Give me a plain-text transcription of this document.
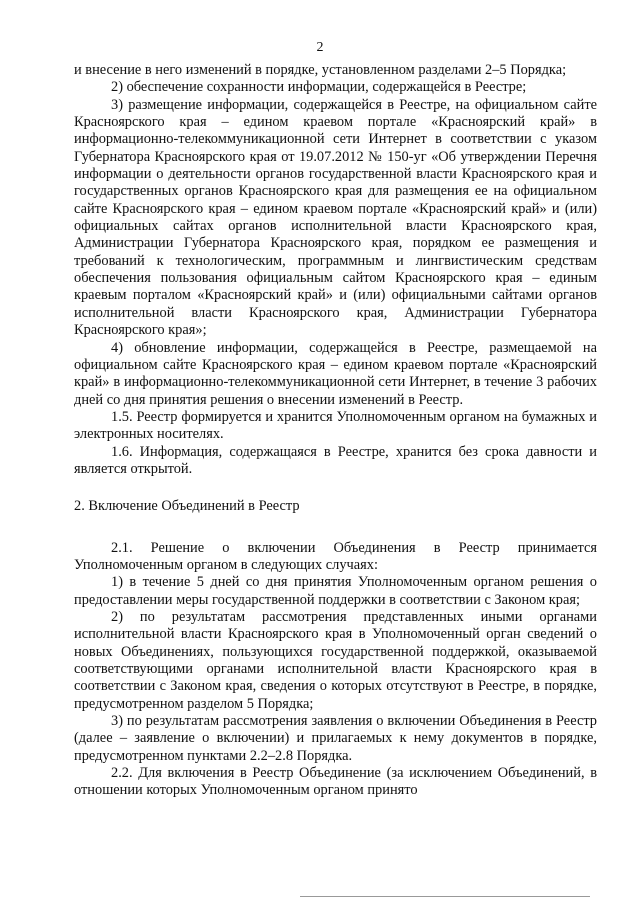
2

и внесение в него изменений в порядке, установленном разделами 2–5 Порядка;

2) обеспечение сохранности информации, содержащейся в Реестре;

3) размещение информации, содержащейся в Реестре, на официальном сайте Красноярского края – едином краевом портале «Красноярский край» в информационно-телекоммуникационной сети Интернет в соответствии с указом Губернатора Красноярского края от 19.07.2012 № 150-уг «Об утверждении Перечня информации о деятельности органов государственной власти Красноярского края и государственных органов Красноярского края для размещения ее на официальном сайте Красноярского края – едином краевом портале «Красноярский край» и (или) официальных сайтах органов исполнительной власти Красноярского края, Администрации Губернатора Красноярского края, порядком ее размещения и требований к технологическим, программным и лингвистическим средствам обеспечения пользования официальным сайтом Красноярского края – единым краевым порталом «Красноярский край» и (или) официальными сайтами органов исполнительной власти Красноярского края, Администрации Губернатора Красноярского края»;

4) обновление информации, содержащейся в Реестре, размещаемой на официальном сайте Красноярского края – едином краевом портале «Красноярский край» в информационно-телекоммуникационной сети Интернет, в течение 3 рабочих дней со дня принятия решения о внесении изменений в Реестр.

1.5. Реестр формируется и хранится Уполномоченным органом на бумажных и электронных носителях.

1.6. Информация, содержащаяся в Реестре, хранится без срока давности и является открытой.

2. Включение Объединений в Реестр

2.1. Решение о включении Объединения в Реестр принимается Уполномоченным органом в следующих случаях:

1) в течение 5 дней со дня принятия Уполномоченным органом решения о предоставлении меры государственной поддержки в соответствии с Законом края;

2) по результатам рассмотрения представленных иными органами исполнительной власти Красноярского края в Уполномоченный орган сведений о новых Объединениях, пользующихся государственной поддержкой, оказываемой соответствующими органами исполнительной власти Красноярского края в соответствии с Законом края, сведения о которых отсутствуют в Реестре, в порядке, предусмотренном разделом 5 Порядка;

3) по результатам рассмотрения заявления о включении Объединения в Реестр (далее – заявление о включении) и прилагаемых к нему документов в порядке, предусмотренном пунктами 2.2–2.8 Порядка.

2.2. Для включения в Реестр Объединение (за исключением Объединений, в отношении которых Уполномоченным органом принято
